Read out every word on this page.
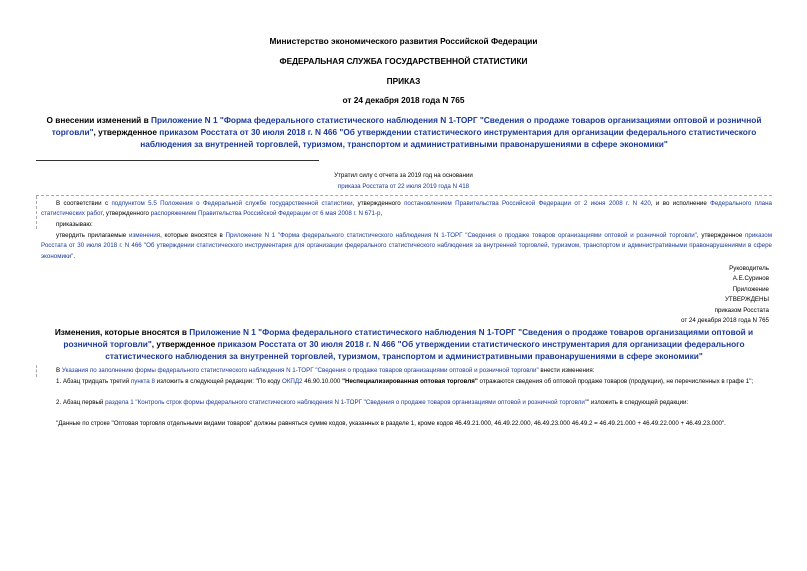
Министерство экономического развития Российской Федерации
ФЕДЕРАЛЬНАЯ СЛУЖБА ГОСУДАРСТВЕННОЙ СТАТИСТИКИ
ПРИКАЗ
от 24 декабря 2018 года N 765
О внесении изменений в Приложение N 1 "Форма федерального статистического наблюдения N 1-ТОРГ "Сведения о продаже товаров организациями оптовой и розничной торговли", утвержденное приказом Росстата от 30 июля 2018 г. N 466 "Об утверждении статистического инструментария для организации федерального статистического наблюдения за внутренней торговлей, туризмом, транспортом и административными правонарушениями в сфере экономики"
Утратил силу с отчета за 2019 год на основании
приказа Росстата от 22 июля 2019 года N 418
В соответствии с подпунктом 5.5 Положения о Федеральной службе государственной статистики, утвержденного постановлением Правительства Российской Федерации от 2 июня 2008 г. N 420, и во исполнение Федерального плана статистических работ, утвержденного распоряжением Правительства Российской Федерации от 6 мая 2008 г. N 671-р,
приказываю:
утвердить прилагаемые изменения, которые вносятся в Приложение N 1 "Форма федерального статистического наблюдения N 1-ТОРГ "Сведения о продаже товаров организациями оптовой и розничной торговли", утвержденное приказом Росстата от 30 июля 2018 г. N 466 "Об утверждении статистического инструментария для организации федерального статистического наблюдения за внутренней торговлей, туризмом, транспортом и административными правонарушениями в сфере экономики".
Руководитель
А.Е.Суринов
Приложение
УТВЕРЖДЕНЫ
приказом Росстата
от 24 декабря 2018 года N 765
Изменения, которые вносятся в Приложение N 1 "Форма федерального статистического наблюдения N 1-ТОРГ "Сведения о продаже товаров организациями оптовой и розничной торговли", утвержденное приказом Росстата от 30 июля 2018 г. N 466 "Об утверждении статистического инструментария для организации федерального статистического наблюдения за внутренней торговлей, туризмом, транспортом и административными правонарушениями в сфере экономики"
В Указания по заполнению формы федерального статистического наблюдения N 1-ТОРГ "Сведения о продаже товаров организациями оптовой и розничной торговли" внести изменения:
1. Абзац тридцать третий пункта 8 изложить в следующей редакции: "По коду ОКПД2 46.90.10.000 "Неспециализированная оптовая торговля" отражаются сведения об оптовой продаже товаров (продукции), не перечисленных в графе 1";
2. Абзац первый раздела 1 "Контроль строк формы федерального статистического наблюдения N 1-ТОРГ "Сведения о продаже товаров организациями оптовой и розничной торговли"" изложить в следующей редакции:
"Данные по строке "Оптовая торговля отдельными видами товаров" должны равняться сумме кодов, указанных в разделе 1, кроме кодов 46.49.21.000, 46.49.22.000, 46.49.23.000 46.49.2 = 46.49.21.000 + 46.49.22.000 + 46.49.23.000".
